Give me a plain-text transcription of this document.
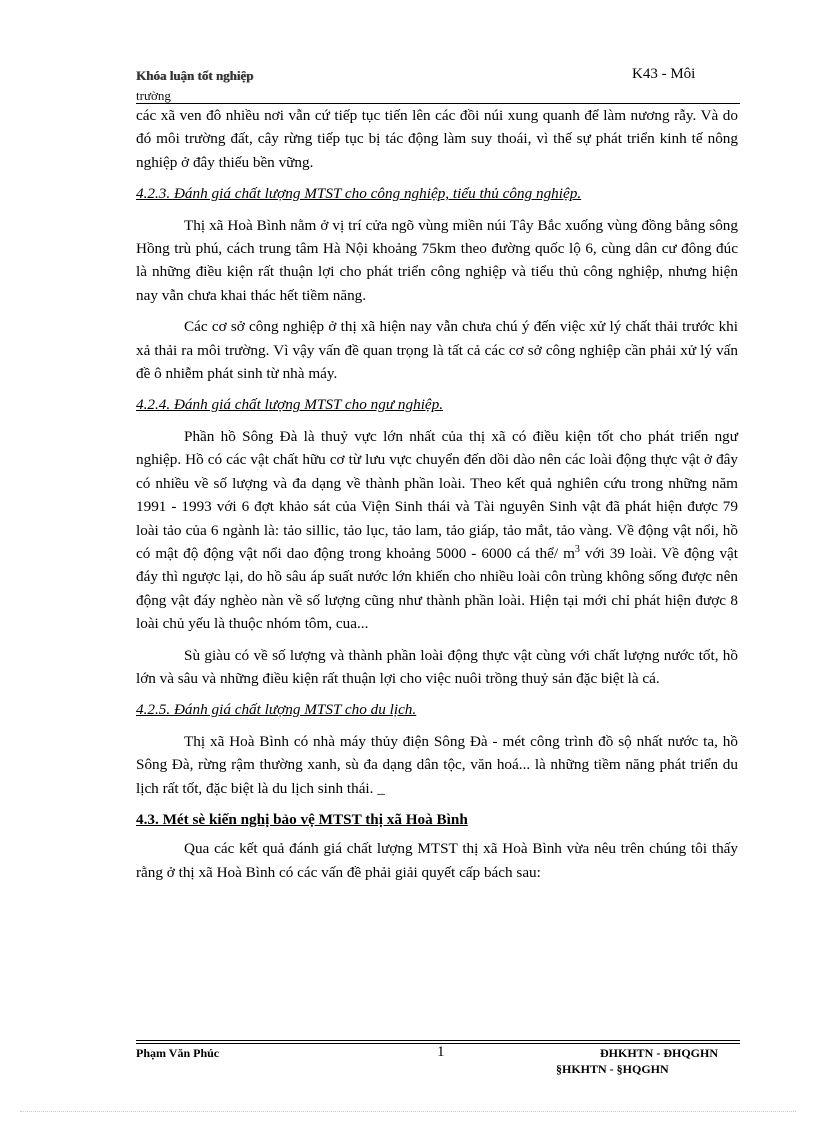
Khóa luận tốt nghiệp
trường
K43 - Môi

các xã ven đô nhiều nơi vẫn cứ tiếp tục tiến lên các đồi núi xung quanh để làm nương rẫy. Và do đó môi trường đất, cây rừng tiếp tục bị tác động làm suy thoái, vì thế sự phát triển kinh tế nông nghiệp ở đây thiếu bền vững.

4.2.3. Đánh giá chất lượng MTST cho công nghiệp, tiểu thủ công nghiệp.

Thị xã Hoà Bình nằm ở vị trí cửa ngõ vùng miền núi Tây Bắc xuống vùng đồng bằng sông Hồng trù phú, cách trung tâm Hà Nội khoảng 75km theo đường quốc lộ 6, cùng dân cư đông đúc là những điều kiện rất thuận lợi cho phát triển công nghiệp và tiểu thủ công nghiệp, nhưng hiện nay vẫn chưa khai thác hết tiềm năng.

Các cơ sở công nghiệp ở thị xã hiện nay vẫn chưa chú ý đến việc xử lý chất thải trước khi xả thải ra môi trường. Vì vậy vấn đề quan trọng là tất cả các cơ sở công nghiệp cần phải xử lý vấn đề ô nhiễm phát sinh từ nhà máy.

4.2.4. Đánh giá chất lượng MTST cho ngư nghiệp.

Phần hồ Sông Đà là thuỷ vực lớn nhất của thị xã có điều kiện tốt cho phát triển ngư nghiệp. Hồ có các vật chất hữu cơ từ lưu vực chuyển đến dồi dào nên các loài động thực vật ở đây có nhiều về số lượng và đa dạng về thành phần loài. Theo kết quả nghiên cứu trong những năm 1991 - 1993 với 6 đợt khảo sát của Viện Sinh thái và Tài nguyên Sinh vật đã phát hiện được 79 loài tảo của 6 ngành là: tảo sillic, tảo lục, tảo lam, tảo giáp, tảo mắt, tảo vàng. Về động vật nổi, hồ có mật độ động vật nổi dao động trong khoảng 5000 - 6000 cá thể/ $m^3$ với 39 loài. Về động vật đáy thì ngược lại, do hồ sâu áp suất nước lớn khiến cho nhiều loài côn trùng không sống được nên động vật đáy nghèo nàn về số lượng cũng như thành phần loài. Hiện tại mới chỉ phát hiện được 8 loài chủ yếu là thuộc nhóm tôm, cua...

Sù giàu có về số lượng và thành phần loài động thực vật cùng với chất lượng nước tốt, hồ lớn và sâu và những điều kiện rất thuận lợi cho việc nuôi trồng thuỷ sản đặc biệt là cá.

4.2.5. Đánh giá chất lượng MTST cho du lịch.

Thị xã Hoà Bình có nhà máy thủy điện Sông Đà - mét công trình đồ sộ nhất nước ta, hồ Sông Đà, rừng rậm thường xanh, sù đa dạng dân tộc, văn hoá... là những tiềm năng phát triển du lịch rất tốt, đặc biệt là du lịch sinh thái. _

4.3. Mét sè kiến nghị bảo vệ MTST thị xã Hoà Bình

Qua các kết quả đánh giá chất lượng MTST thị xã Hoà Bình vừa nêu trên chúng tôi thấy rằng ở thị xã Hoà Bình có các vấn đề phải giải quyết cấp bách sau:

Phạm Văn Phúc	1	ĐHKHTN - ĐHQGHN
§HKHTN - §HQGHN
